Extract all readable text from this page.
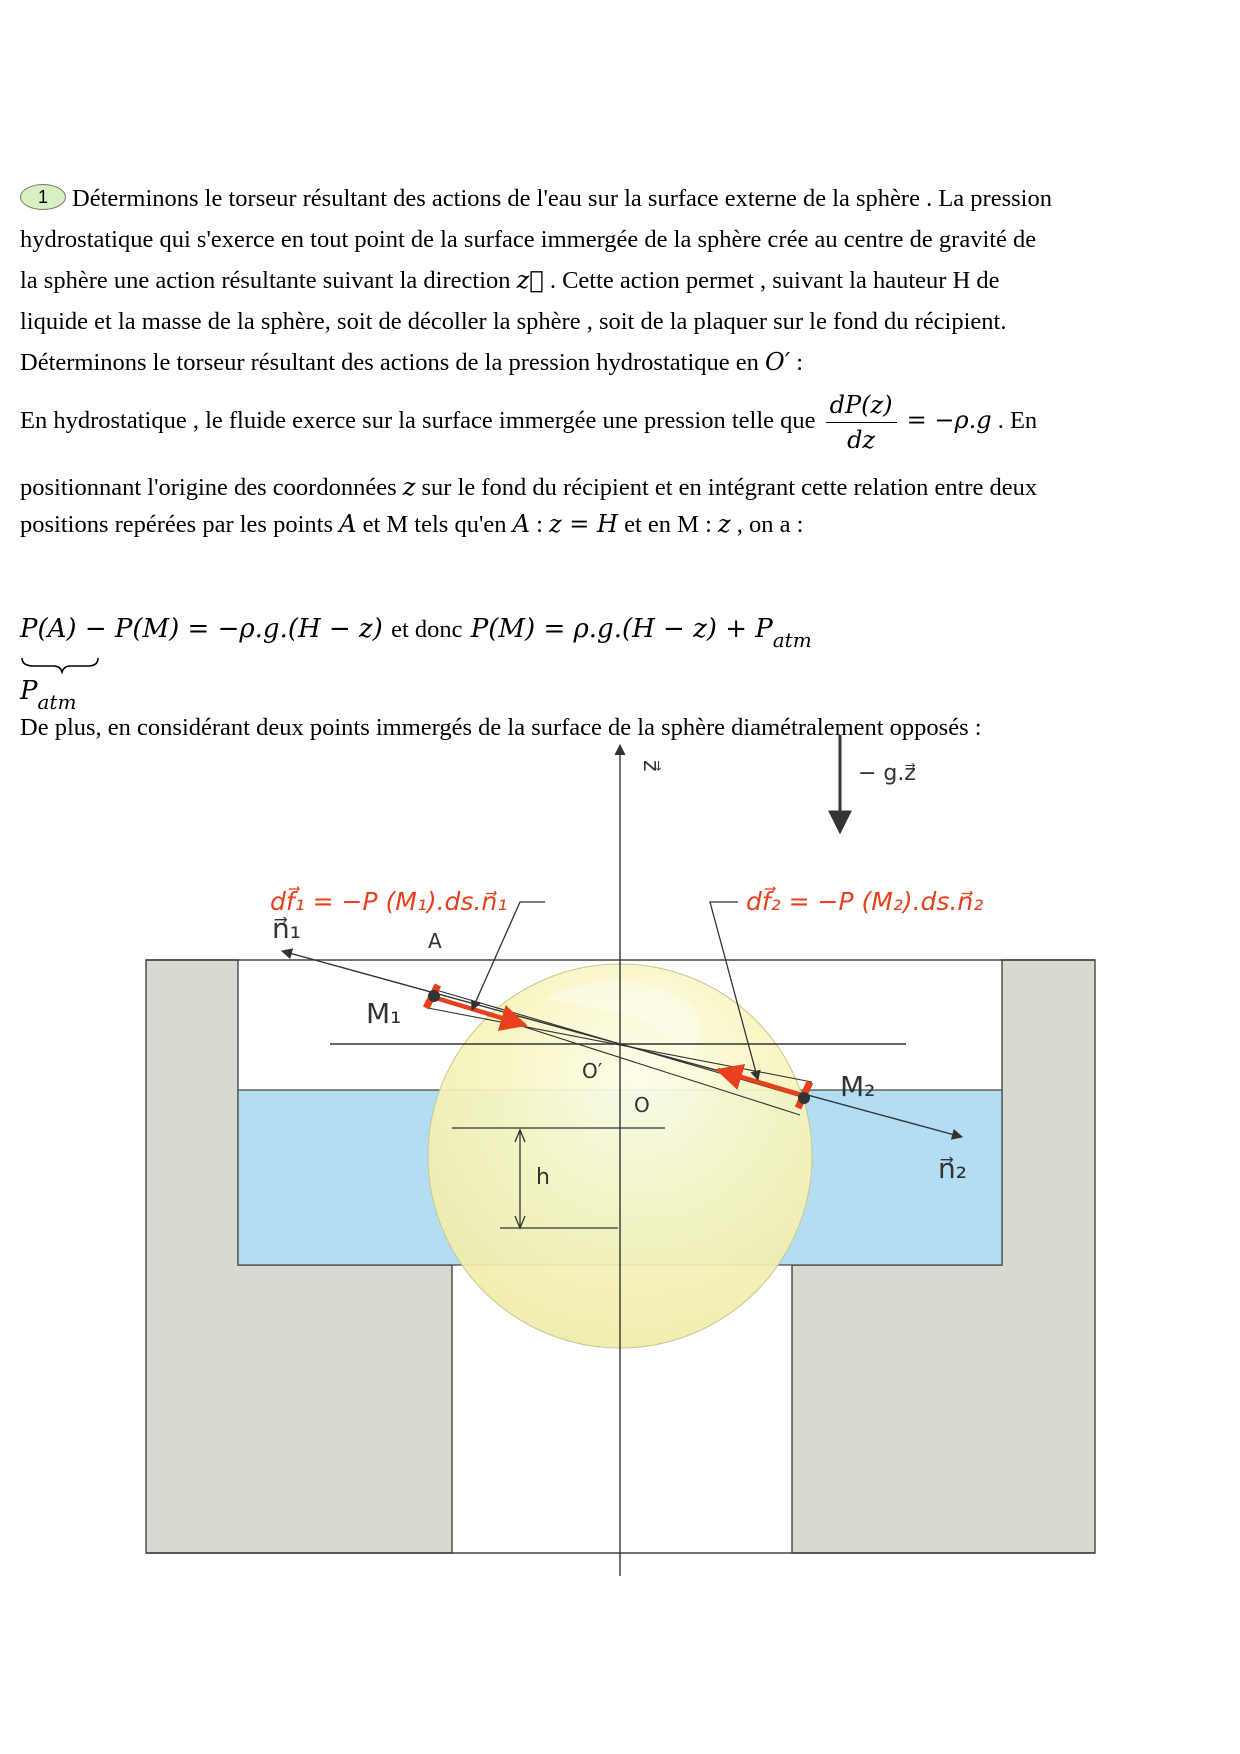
1 Déterminons le torseur résultant des actions de l'eau sur la surface externe de la sphère . La pression
hydrostatique qui s'exerce en tout point de la surface immergée de la sphère crée au centre de gravité de
la sphère une action résultante suivant la direction z⃗ . Cette action permet , suivant la hauteur H de
liquide et la masse de la sphère, soit de décoller la sphère , soit de la plaquer sur le fond du récipient.
Déterminons le torseur résultant des actions de la pression hydrostatique en O′ :
En hydrostatique , le fluide exerce sur la surface immergée une pression telle que $\frac{dP(z)}{dz} = -\rho.g$ . En
positionnant l'origine des coordonnées z sur le fond du récipient et en intégrant cette relation entre deux
positions repérées par les points A et M tels qu'en A : z = H et en M : z , on a :
P(A) − P(M) = −ρ.g.(H − z) et donc $P(M) = \rho.g.(H - z) + P_{atm}$
$P_{atm}$
De plus, en considérant deux points immergés de la surface de la sphère diamétralement opposés :
− g.z⃗
z⃗
df⃗₁ = −P (M₁).ds.n⃗₁	df⃗₂ = −P (M₂).ds.n⃗₂
n⃗₁
n⃗₂
A
M₁
M₂
O′
O
h
